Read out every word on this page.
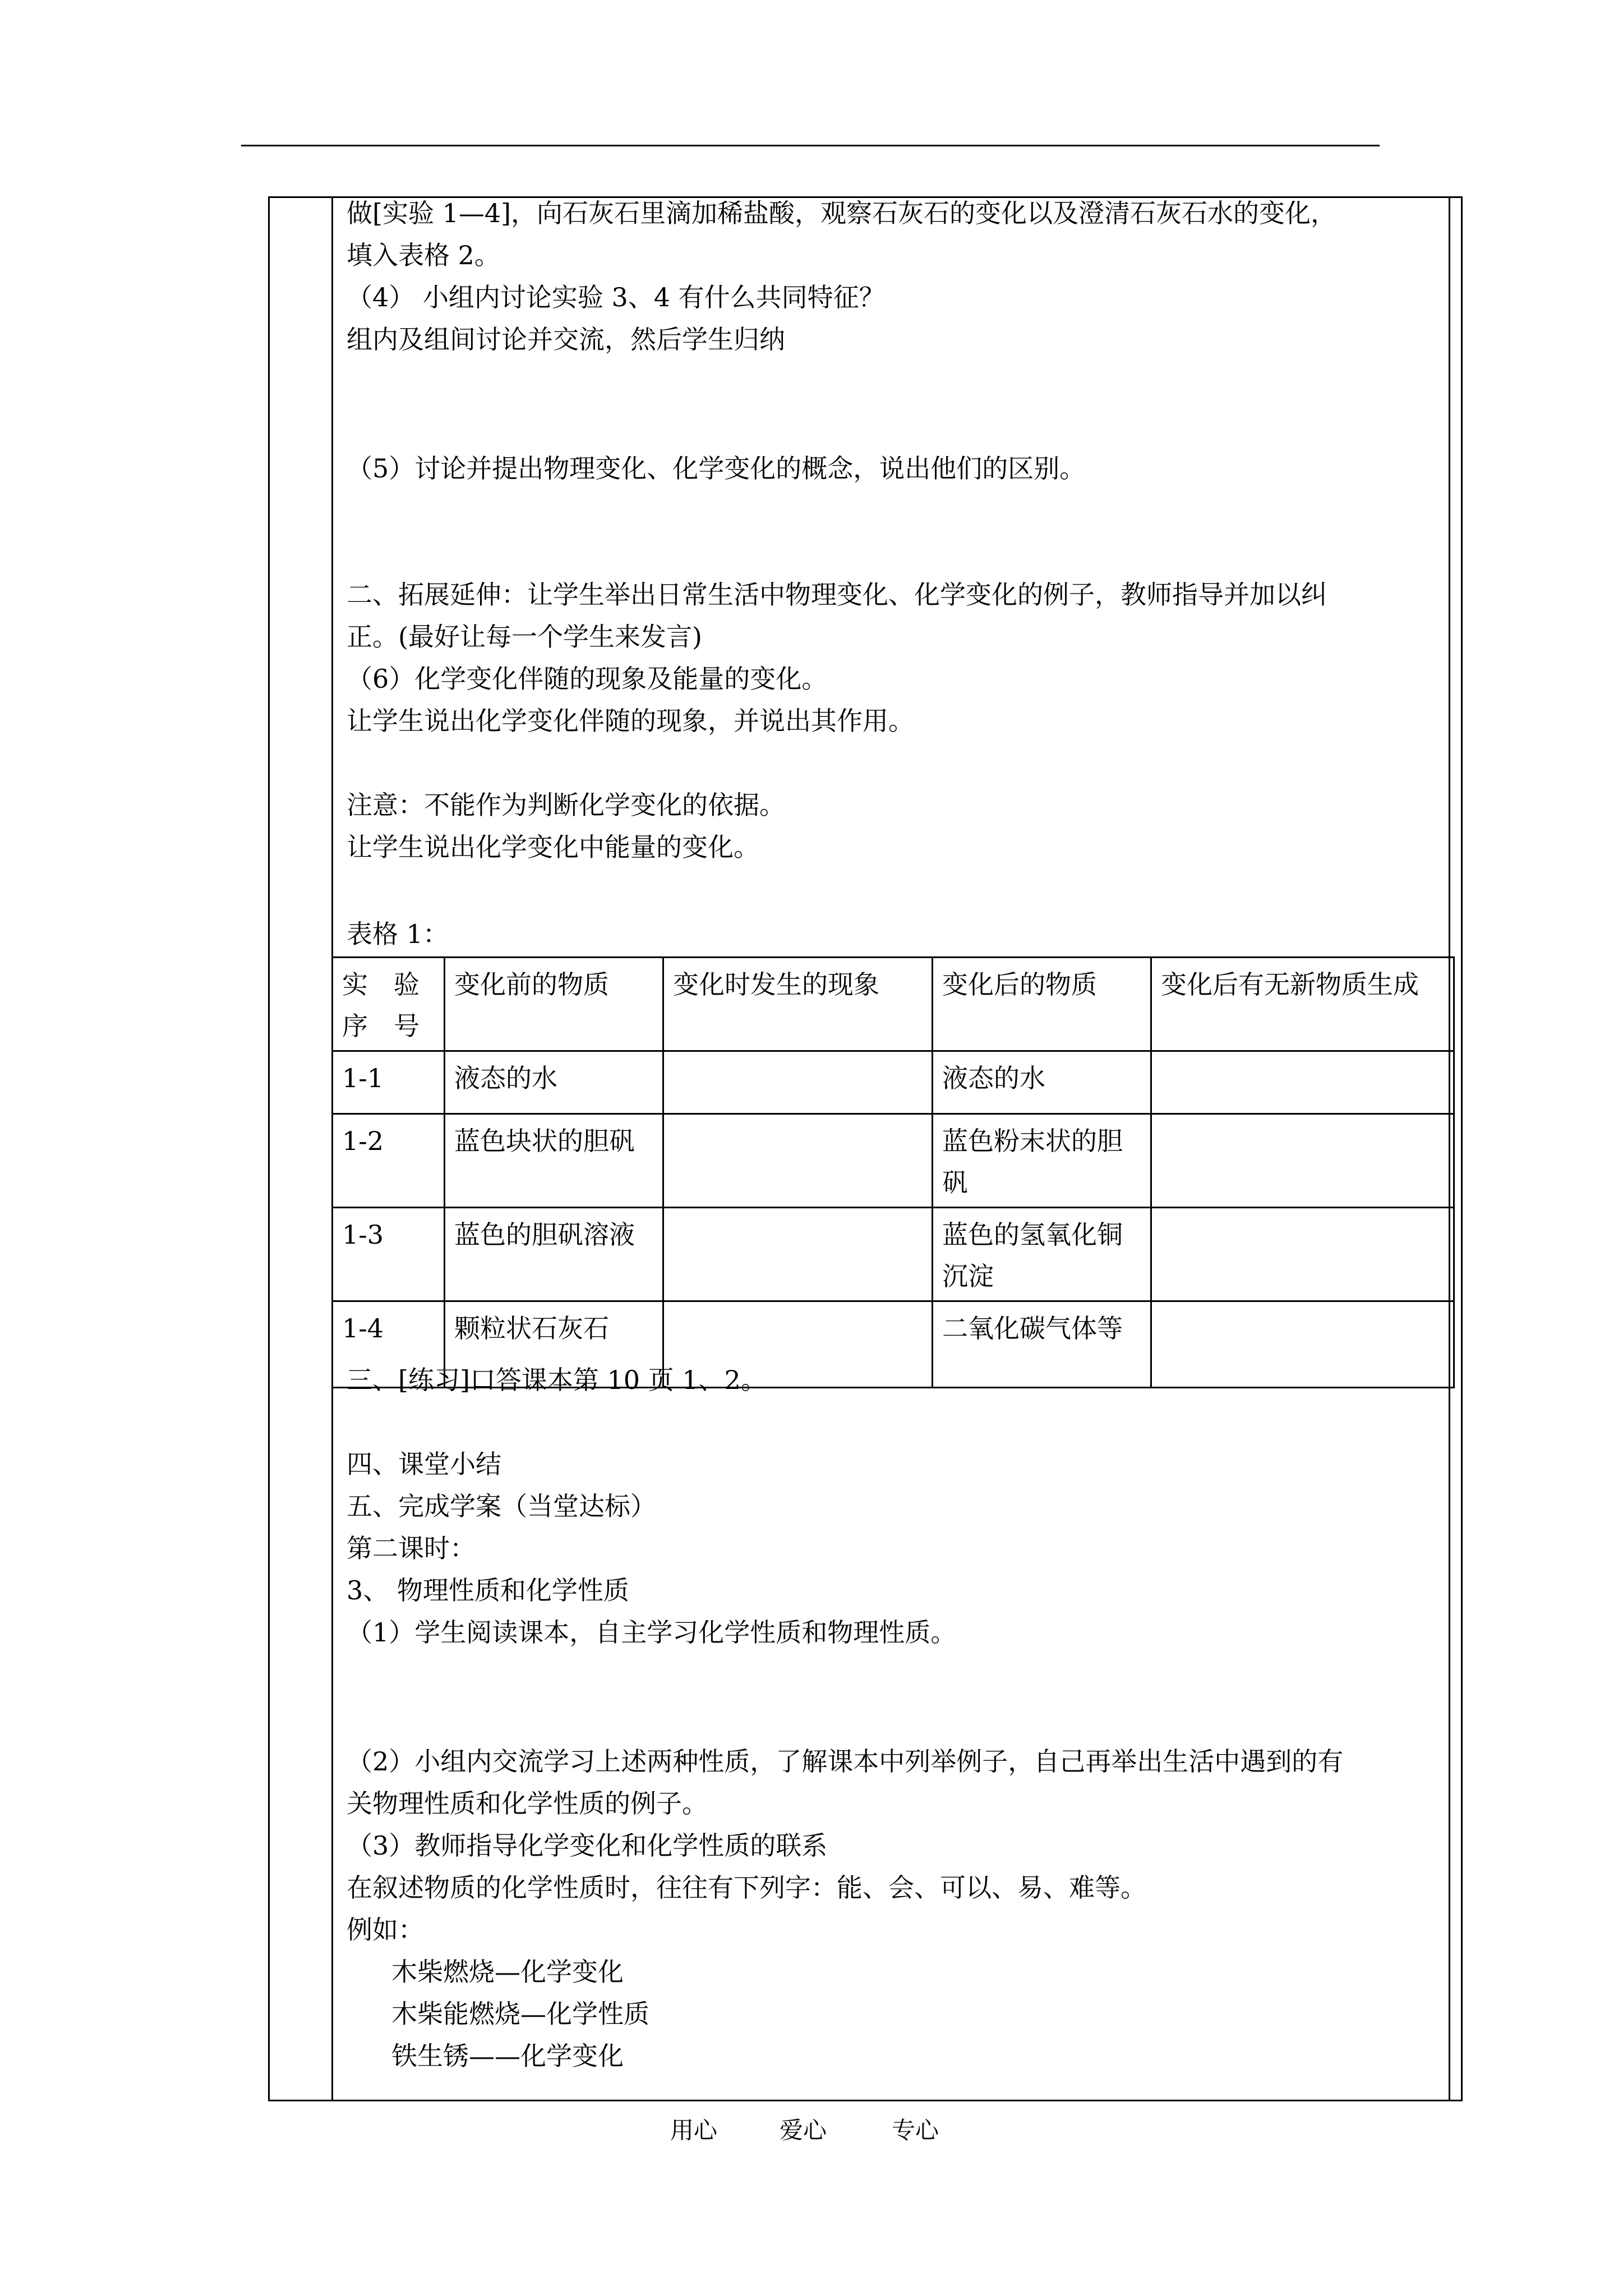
做[实验 1—4]，向石灰石里滴加稀盐酸，观察石灰石的变化以及澄清石灰石水的变化，
填入表格 2。
（4） 小组内讨论实验 3、4 有什么共同特征？
组内及组间讨论并交流，然后学生归纳
（5）讨论并提出物理变化、化学变化的概念，说出他们的区别。
二、拓展延伸：让学生举出日常生活中物理变化、化学变化的例子，教师指导并加以纠
正。(最好让每一个学生来发言)
（6）化学变化伴随的现象及能量的变化。
让学生说出化学变化伴随的现象，并说出其作用。
注意：不能作为判断化学变化的依据。
让学生说出化学变化中能量的变化。
表格 1：
三、[练习]口答课本第 10 页 1、2。
四、课堂小结
五、完成学案（当堂达标）
第二课时：
3、 物理性质和化学性质
（1）学生阅读课本，自主学习化学性质和物理性质。
（2）小组内交流学习上述两种性质，了解课本中列举例子，自己再举出生活中遇到的有
关物理性质和化学性质的例子。
（3）教师指导化学变化和化学性质的联系
在叙述物质的化学性质时，往往有下列字：能、会、可以、易、难等。
例如：
木柴燃烧—化学变化
木柴能燃烧—化学性质
铁生锈——化学变化
实　验序　号	变化前的物质	变化时发生的现象	变化后的物质	变化后有无新物质生成
1-1	液态的水		液态的水	
1-2	蓝色块状的胆矾		蓝色粉末状的胆矾	
1-3	蓝色的胆矾溶液		蓝色的氢氧化铜沉淀	
1-4	颗粒状石灰石		二氧化碳气体等	
用心	爱心	专心
